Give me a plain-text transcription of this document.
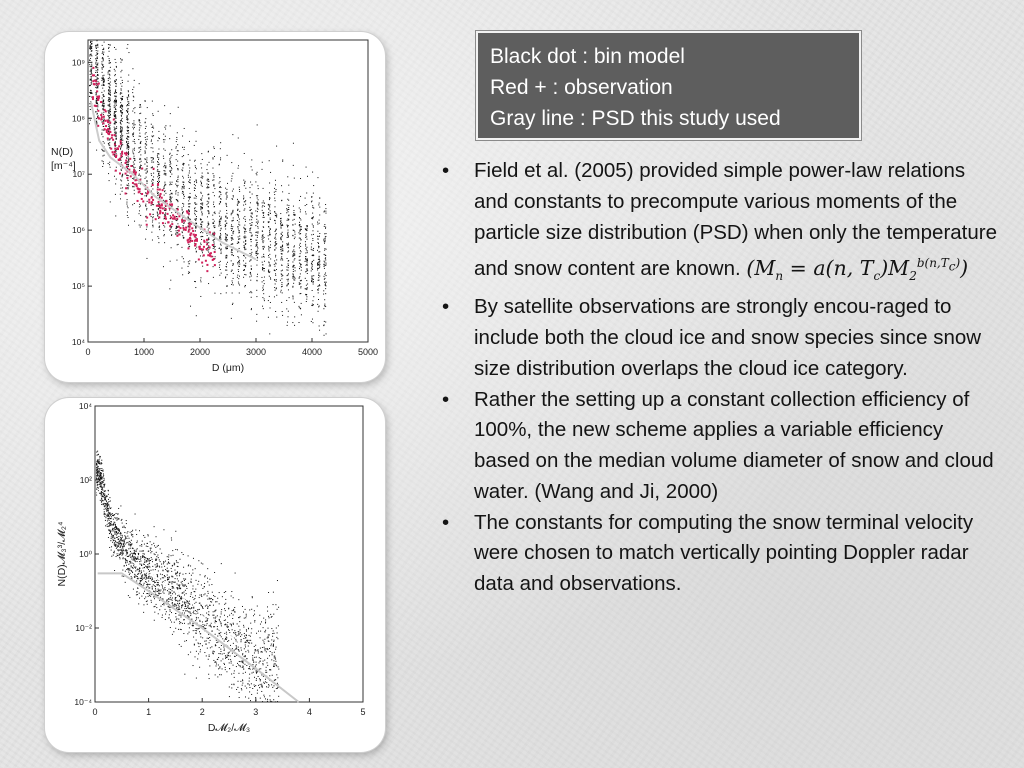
0	1000	2000	3000	4000	5000
10⁴
10⁵
10⁶
10⁷
10⁸
10⁹
D (μm)
N(D)
[m⁻⁴]
0	1	2	3	4	5
10⁻⁴
10⁻²
10⁰
10²
10⁴
D𝓜₂/𝓜₃
N(D)𝓜₃³/𝓜₂⁴
Black dot : bin model
Red + : observation
Gray line : PSD this study used
• Field et al. (2005) provided simple power-law relations and constants to precompute various moments of the particle size distribution (PSD) when only the temperature and snow content are known. ($M_n = a(n$, $T_c)M_2^{b(n,T_c)}$)
• By satellite observations are strongly encou-raged to include both the cloud ice and snow species since snow size distribution overlaps the cloud ice category.
• Rather the setting up a constant collection efficiency of 100%, the new scheme applies a variable efficiency based on the median volume diameter of snow and cloud water. (Wang and Ji, 2000)
• The constants for computing the snow terminal velocity were chosen to match vertically pointing Doppler radar data and observations.
